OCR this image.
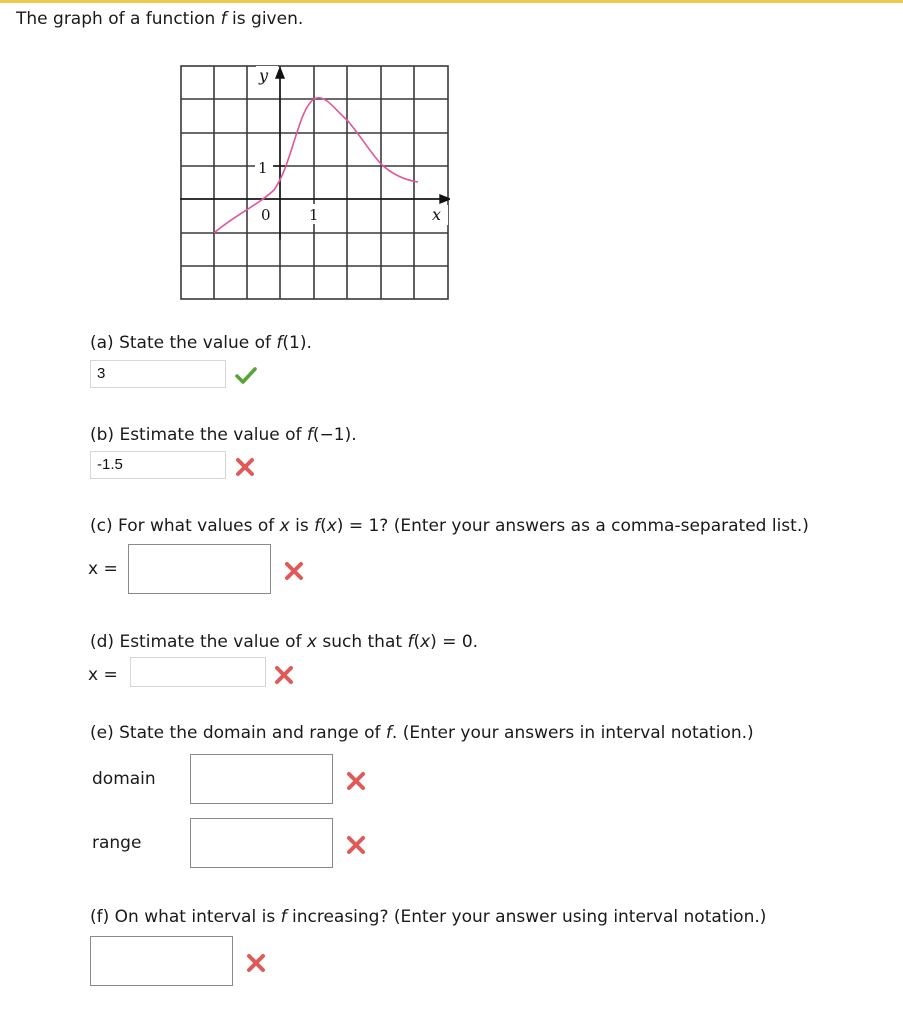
The graph of a function f is given.
y
1
0	1	x
(a) State the value of f(1).
3
(b) Estimate the value of f(−1).
-1.5
(c) For what values of x is f(x) = 1? (Enter your answers as a comma-separated list.)
x =
(d) Estimate the value of x such that f(x) = 0.
x =
(e) State the domain and range of f. (Enter your answers in interval notation.)
domain
range
(f) On what interval is f increasing? (Enter your answer using interval notation.)
